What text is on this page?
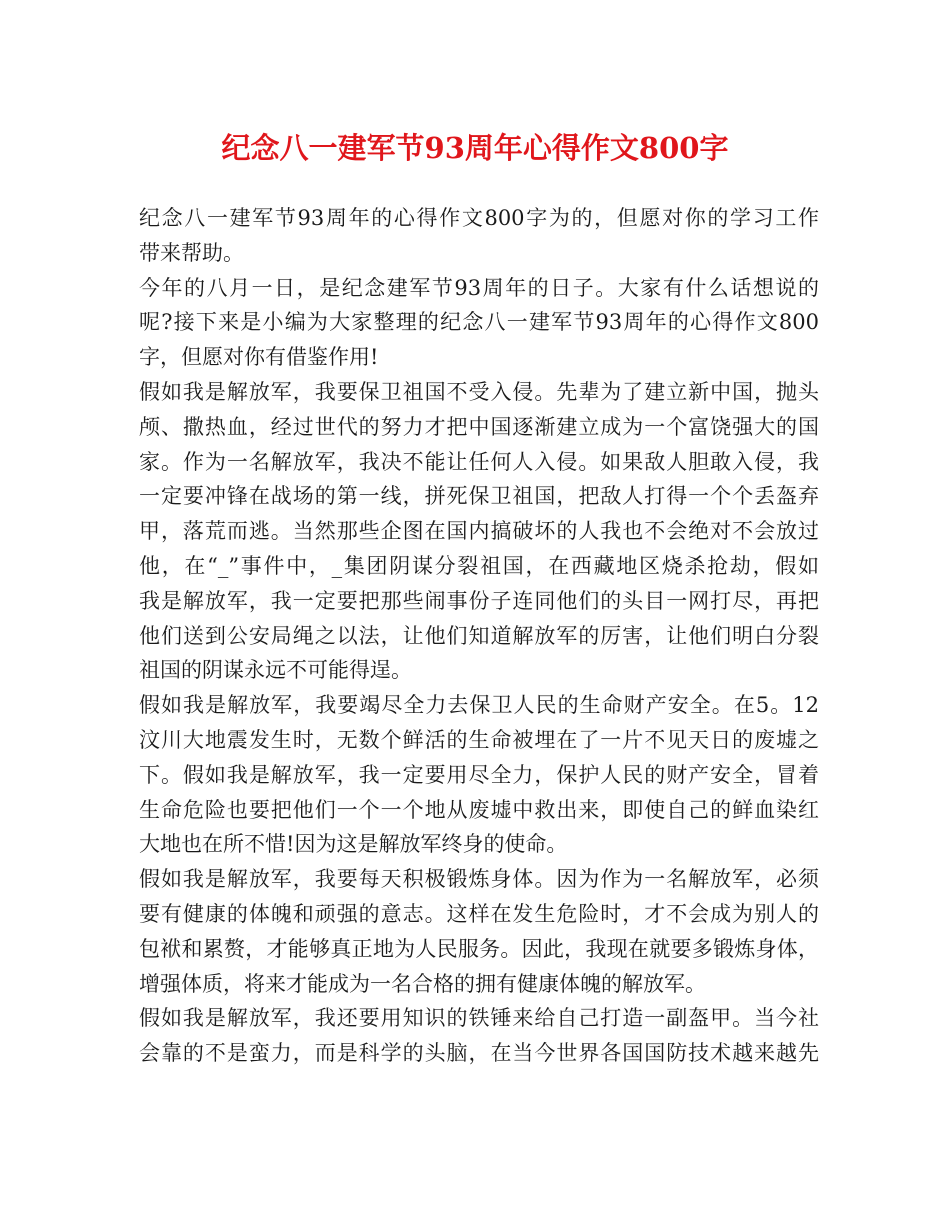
纪念八一建军节93周年心得作文800字
纪念八一建军节93周年的心得作文800字为的，但愿对你的学习工作
带来帮助。
今年的八月一日，是纪念建军节93周年的日子。大家有什么话想说的
呢?接下来是小编为大家整理的纪念八一建军节93周年的心得作文800
字，但愿对你有借鉴作用!
假如我是解放军，我要保卫祖国不受入侵。先辈为了建立新中国，抛头
颅、撒热血，经过世代的努力才把中国逐渐建立成为一个富饶强大的国
家。作为一名解放军，我决不能让任何人入侵。如果敌人胆敢入侵，我
一定要冲锋在战场的第一线，拼死保卫祖国，把敌人打得一个个丢盔弃
甲，落荒而逃。当然那些企图在国内搞破坏的人我也不会绝对不会放过
他，在“_”事件中，_集团阴谋分裂祖国，在西藏地区烧杀抢劫，假如
我是解放军，我一定要把那些闹事份子连同他们的头目一网打尽，再把
他们送到公安局绳之以法，让他们知道解放军的厉害，让他们明白分裂
祖国的阴谋永远不可能得逞。
假如我是解放军，我要竭尽全力去保卫人民的生命财产安全。在5。12
汶川大地震发生时，无数个鲜活的生命被埋在了一片不见天日的废墟之
下。假如我是解放军，我一定要用尽全力，保护人民的财产安全，冒着
生命危险也要把他们一个一个地从废墟中救出来，即使自己的鲜血染红
大地也在所不惜!因为这是解放军终身的使命。
假如我是解放军，我要每天积极锻炼身体。因为作为一名解放军，必须
要有健康的体魄和顽强的意志。这样在发生危险时，才不会成为别人的
包袱和累赘，才能够真正地为人民服务。因此，我现在就要多锻炼身体，
增强体质，将来才能成为一名合格的拥有健康体魄的解放军。
假如我是解放军，我还要用知识的铁锤来给自己打造一副盔甲。当今社
会靠的不是蛮力，而是科学的头脑，在当今世界各国国防技术越来越先
